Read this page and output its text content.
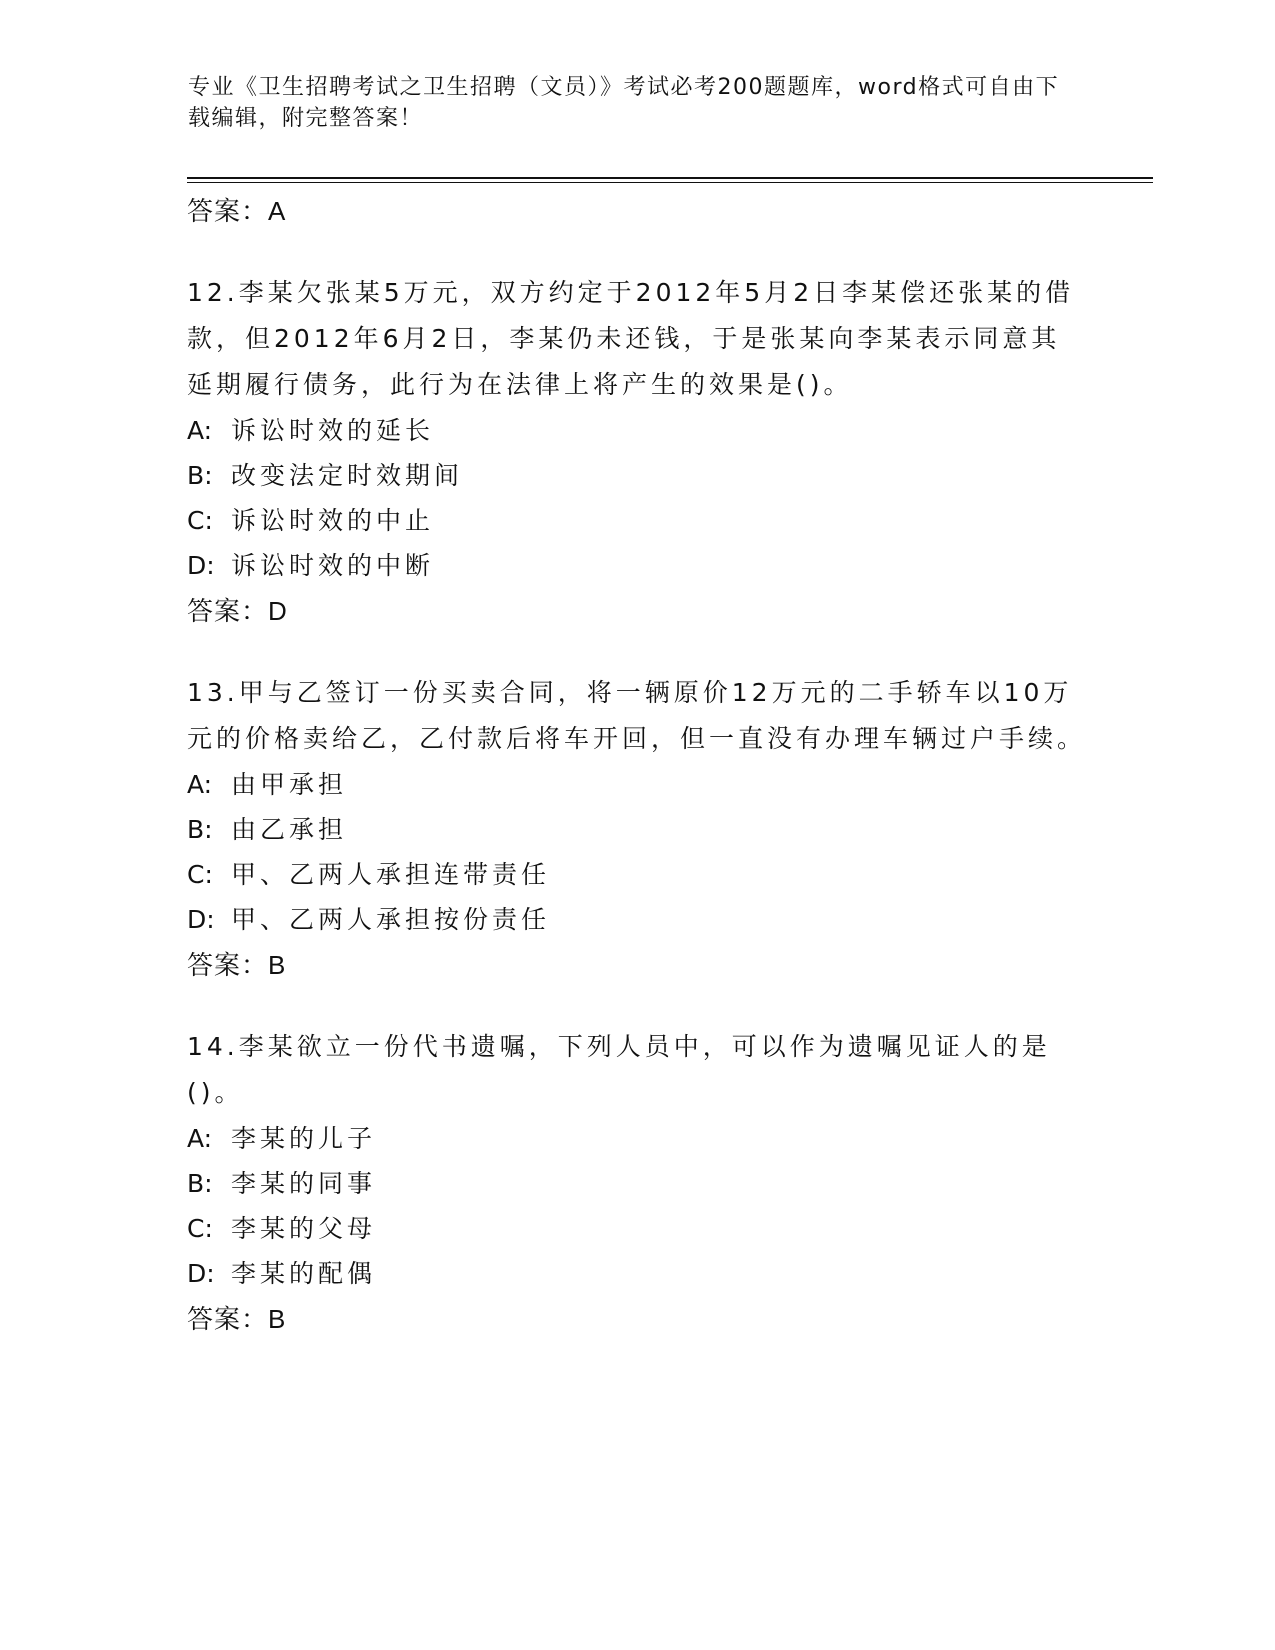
专业《卫生招聘考试之卫生招聘（文员）》考试必考200题题库，word格式可自由下载编辑，附完整答案！
答案：A

12.李某欠张某5万元，双方约定于2012年5月2日李某偿还张某的借款，但2012年6月2日，李某仍未还钱，于是张某向李某表示同意其延期履行债务，此行为在法律上将产生的效果是()。

A: 诉讼时效的延长
B: 改变法定时效期间
C: 诉讼时效的中止
D: 诉讼时效的中断
答案：D

13.甲与乙签订一份买卖合同，将一辆原价12万元的二手轿车以10万元的价格卖给乙，乙付款后将车开回，但一直没有办理车辆过户手续。

A: 由甲承担
B: 由乙承担
C: 甲、乙两人承担连带责任
D: 甲、乙两人承担按份责任
答案：B

14.李某欲立一份代书遗嘱，下列人员中，可以作为遗嘱见证人的是()。

A: 李某的儿子
B: 李某的同事
C: 李某的父母
D: 李某的配偶
答案：B
